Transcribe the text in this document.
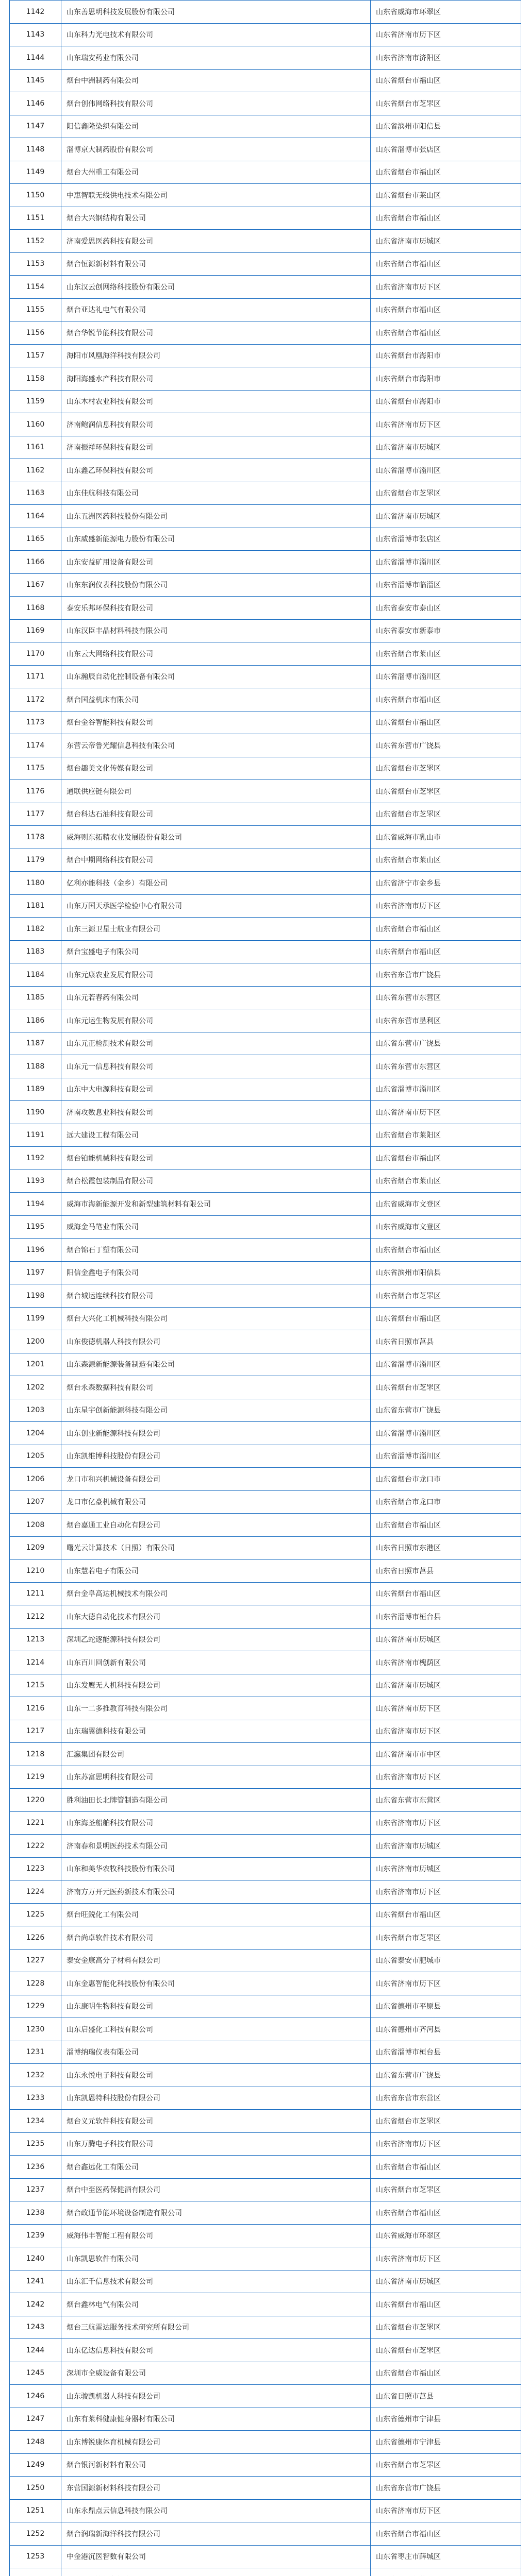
1142	山东善思明科技发展股份有限公司	山东省威海市环翠区
1143	山东科力光电技术有限公司	山东省济南市历下区
1144	山东瑞安药业有限公司	山东省济南市济阳区
1145	烟台中洲制药有限公司	山东省烟台市福山区
1146	烟台创伟网络科技有限公司	山东省烟台市芝罘区
1147	阳信鑫隆染织有限公司	山东省滨州市阳信县
1148	淄博京大制药股份有限公司	山东省淄博市张店区
1149	烟台大州重工有限公司	山东省烟台市福山区
1150	中惠智联无线供电技术有限公司	山东省烟台市莱山区
1151	烟台大兴钢结构有限公司	山东省烟台市福山区
1152	济南爱思医药科技有限公司	山东省济南市历城区
1153	烟台恒源新材料有限公司	山东省烟台市福山区
1154	山东汉云创网络科技股份有限公司	山东省济南市历下区
1155	烟台亚达礼电气有限公司	山东省烟台市福山区
1156	烟台华锐节能科技有限公司	山东省烟台市福山区
1157	海阳市风凰海洋科技有限公司	山东省烟台市海阳市
1158	海阳海盛水产科技有限公司	山东省烟台市海阳市
1159	山东木村农业科技有限公司	山东省烟台市海阳市
1160	济南鲍润信息科技有限公司	山东省济南市历下区
1161	济南振祥环保科技有限公司	山东省济南市历城区
1162	山东鑫乙环保科技有限公司	山东省淄博市淄川区
1163	山东佳航科技有限公司	山东省烟台市芝罘区
1164	山东五洲医药科技股份有限公司	山东省济南市历城区
1165	山东威盛新能源电力股份有限公司	山东省淄博市张店区
1166	山东安益矿用设备有限公司	山东省淄博市淄川区
1167	山东东润仪表科技股份有限公司	山东省淄博市临淄区
1168	泰安乐邦环保科技有限公司	山东省泰安市泰山区
1169	山东汉臣丰晶材料科技有限公司	山东省泰安市新泰市
1170	山东云大网络科技有限公司	山东省烟台市莱山区
1171	山东瀚辰自动化控制设备有限公司	山东省淄博市淄川区
1172	烟台国益机床有限公司	山东省烟台市福山区
1173	烟台金谷智能科技有限公司	山东省烟台市福山区
1174	东营云帝鲁光耀信息科技有限公司	山东省东营市广饶县
1175	烟台趣美文化传媒有限公司	山东省烟台市芝罘区
1176	通联供应链有限公司	山东省烟台市芝罘区
1177	烟台科达石油科技有限公司	山东省烟台市芝罘区
1178	威海则东拓精农业发展股份有限公司	山东省威海市乳山市
1179	烟台中期网络科技有限公司	山东省烟台市莱山区
1180	亿利亦能科技（金乡）有限公司	山东省济宁市金乡县
1181	山东万国天承医学检验中心有限公司	山东省济南市历下区
1182	山东三源卫星士航业有限公司	山东省烟台市福山区
1183	烟台宝盛电子有限公司	山东省烟台市福山区
1184	山东元康农业发展有限公司	山东省东营市广饶县
1185	山东元若春药有限公司	山东省东营市东营区
1186	山东元运生物发展有限公司	山东省东营市垦利区
1187	山东元正检测技术有限公司	山东省东营市广饶县
1188	山东元一信息科技有限公司	山东省东营市东营区
1189	山东中大电源科技有限公司	山东省淄博市淄川区
1190	济南攻数息业科技有限公司	山东省济南市历下区
1191	远大建设工程有限公司	山东省烟台市莱阳区
1192	烟台铂能机械科技有限公司	山东省烟台市福山区
1193	烟台松霞包装制品有限公司	山东省烟台市莱山区
1194	威海市海新能源开发和新型建筑材料有限公司	山东省威海市文登区
1195	威海金马笔业有限公司	山东省威海市文登区
1196	烟台锦石丁塑有限公司	山东省烟台市福山区
1197	阳信金鑫电子有限公司	山东省滨州市阳信县
1198	烟台城运连续科技有限公司	山东省烟台市芝罘区
1199	烟台大兴化工机械科技有限公司	山东省烟台市福山区
1200	山东俊德机器人科技有限公司	山东省日照市莒县
1201	山东森源新能源装备制造有限公司	山东省淄博市淄川区
1202	烟台永森数据科技有限公司	山东省烟台市芝罘区
1203	山东星宇创新能源科技有限公司	山东省东营市广饶县
1204	山东创业新能源科技有限公司	山东省淄博市淄川区
1205	山东凯维博科技股份有限公司	山东省淄博市淄川区
1206	龙口市和兴机械设备有限公司	山东省烟台市龙口市
1207	龙口市亿豪机械有限公司	山东省烟台市龙口市
1208	烟台嘉通工业自动化有限公司	山东省烟台市福山区
1209	曙光云计算技术（日照）有限公司	山东省日照市东港区
1210	山东慧若电子有限公司	山东省日照市莒县
1211	烟台金阜高达机械技术有限公司	山东省烟台市福山区
1212	山东大德自动化技术有限公司	山东省淄博市桓台县
1213	深圳乙蛇逐能源科技有限公司	山东省济南市历城区
1214	山东百川回创新有限公司	山东省济南市槐荫区
1215	山东发鹰无人机科技有限公司	山东省济南市历城区
1216	山东一二多推教育科技有限公司	山东省济南市历下区
1217	山东瑞翼德科技有限公司	山东省济南市历下区
1218	汇瀛集团有限公司	山东省济南市市中区
1219	山东苏富思明科技有限公司	山东省济南市历下区
1220	胜利油田长北牌管制造有限公司	山东省东营市东营区
1221	山东海圣船舶科技有限公司	山东省济南市历下区
1222	济南春和景明医药技术有限公司	山东省济南市历城区
1223	山东和美华农牧科技股份有限公司	山东省济南市历城区
1224	济南方万开元医药新技术有限公司	山东省济南市历下区
1225	烟台旺鋭化工有限公司	山东省烟台市福山区
1226	烟台尚卓软件技术有限公司	山东省烟台市芝罘区
1227	泰安金康高分子材料有限公司	山东省泰安市肥城市
1228	山东金惠智能化科技股份有限公司	山东省济南市历下区
1229	山东康明生物科技有限公司	山东省德州市平原县
1230	山东启盛化工科技有限公司	山东省德州市齐河县
1231	淄博纳瑞仪表有限公司	山东省淄博市桓台县
1232	山东永悦电子科技有限公司	山东省东营市广饶县
1233	山东凯恩特科技股份有限公司	山东省东营市东营区
1234	烟台义元软件科技有限公司	山东省烟台市芝罘区
1235	山东万腾电子科技有限公司	山东省济南市历下区
1236	烟台鑫远化工有限公司	山东省烟台市福山区
1237	烟台中至医药保健酒有限公司	山东省烟台市芝罘区
1238	烟台政通节能环境设备制造有限公司	山东省烟台市福山区
1239	威海伟丰智能工程有限公司	山东省威海市环翠区
1240	山东凯思软件有限公司	山东省济南市历下区
1241	山东汇千信息技术有限公司	山东省济南市历城区
1242	烟台鑫林电气有限公司	山东省烟台市福山区
1243	烟台三航雷达服务技术研究所有限公司	山东省烟台市芝罘区
1244	山东亿达信息科技有限公司	山东省烟台市芝罘区
1245	深圳市全威设备有限公司	山东省烟台市福山区
1246	山东骏凯机器人科技有限公司	山东省日照市莒县
1247	山东有莱科健康健身器材有限公司	山东省德州市宁津县
1248	山东博锐康体育机械有限公司	山东省德州市宁津县
1249	烟台银河新材料有限公司	山东省烟台市芝罘区
1250	东营国源新材料科技有限公司	山东省东营市广饶县
1251	山东永鼎点云信息科技有限公司	山东省济南市历下区
1252	烟台润瑞新海洋科技有限公司	山东省烟台市福山区
1253	中金港沉医智数有限公司	山东省枣庄市薛城区
